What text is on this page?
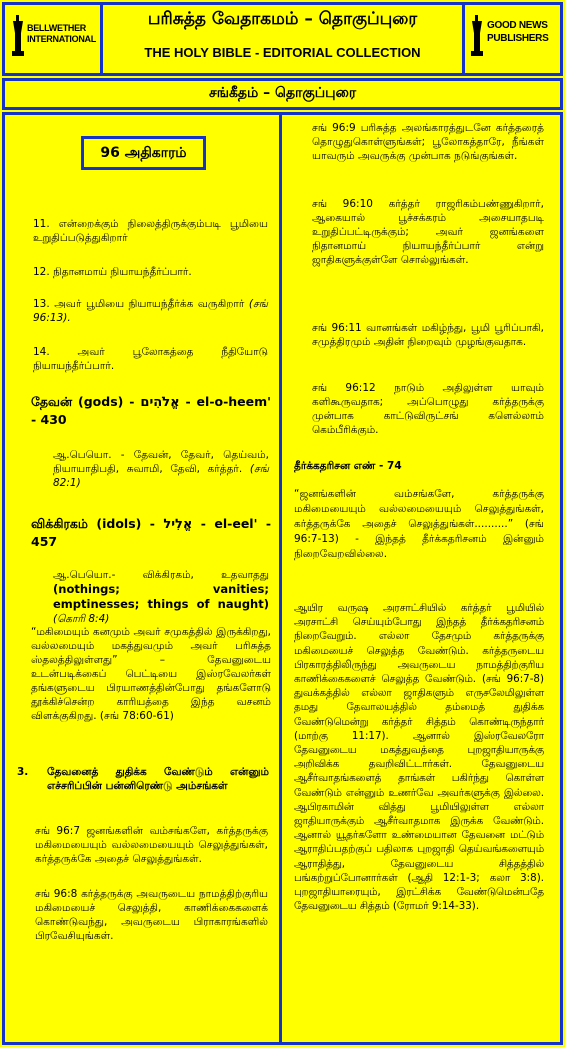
BELLWETHER INTERNATIONAL
பரிசுத்த வேதாகமம் – தொகுப்புரை
THE HOLY BIBLE - EDITORIAL COLLECTION
GOOD NEWS PUBLISHERS
சங்கீதம் – தொகுப்புரை
96 அதிகாரம்
11. என்றைக்கும் நிலைத்திருக்கும்படி பூமியை உறுதிப்படுத்துகிறார்
12. நிதானமாய் நியாயந்தீர்ப்பார்.
13. அவர் பூமியை நியாயந்தீர்க்க வருகிறார் (சங் 96:13).
14. அவர் பூலோகத்தை நீதியோடு நியாயந்தீர்ப்பார்.
தேவன் (gods) - אֱלֹהִים - el-o-heem' - 430
ஆ.பெயொ. - தேவன், தேவர், தெய்வம், நியாயாதிபதி, சுவாமி, தேவி, கர்த்தர். (சங் 82:1)
விக்கிரகம் (idols) - אֱלִיל - el-eel' - 457
ஆ.பெயொ.- விக்கிரகம், உதவாதது (nothings; vanities; emptinesses; things of naught) (கொரி 8:4)
“மகிமையும் கனமும் அவர் சமுகத்தில் இருக்கிறது, வல்லமையும் மகத்துவமும் அவர் பரிசுத்த ஸ்தலத்திலுள்ளது” – தேவனுடைய உடன்படிக்கைப் பெட்டியை இஸ்ரவேலர்கள் தங்களுடைய பிரயாணத்தின்போது தங்களோடு தூக்கிச்சென்ற காரியத்தை இந்த வசனம் விளக்குகிறது. (சங் 78:60-61)
3.	தேவனைத் துதிக்க வேண்டும் என்னும் எச்சரிப்பின் பன்னிரெண்டு அம்சங்கள்
சங் 96:7 ஜனங்களின் வம்சங்களே, கர்த்தருக்கு மகிமையையும் வல்லமையையும் செலுத்துங்கள், கர்த்தருக்கே அதைச் செலுத்துங்கள்.
சங் 96:8 கர்த்தருக்கு அவருடைய நாமத்திற்குரிய மகிமையைச் செலுத்தி, காணிக்கைகளைக் கொண்டுவந்து, அவருடைய பிராகாரங்களில் பிரவேசியுங்கள்.
சங் 96:9 பரிசுத்த அலங்காரத்துடனே கர்த்தரைத் தொழுதுகொள்ளுங்கள்; பூலோகத்தாரே, நீங்கள் யாவரும் அவருக்கு முன்பாக நடுங்குங்கள்.
சங் 96:10 கர்த்தர் ராஜரிகம்பண்ணுகிறார், ஆகையால் பூச்சக்கரம் அசையாதபடி உறுதிப்பட்டிருக்கும்; அவர் ஜனங்களை நிதானமாய் நியாயந்தீர்ப்பார் என்று ஜாதிகளுக்குள்ளே சொல்லுங்கள்.
சங் 96:11 வானங்கள் மகிழ்ந்து, பூமி பூரிப்பாகி, சமுத்திரமும் அதின் நிறைவும் முழங்குவதாக.
சங் 96:12 நாடும் அதிலுள்ள யாவும் களிகூருவதாக; அப்பொழுது கர்த்தருக்கு முன்பாக காட்டுவிருட்சங் களெல்லாம் கெம்பீரிக்கும்.
தீர்க்கதரிசன எண் - 74
“ஜனங்களின் வம்சங்களே, கர்த்தருக்கு மகிமையையும் வல்லமையையும் செலுத்துங்கள், கர்த்தருக்கே அதைச் செலுத்துங்கள்..........” (சங் 96:7-13) - இந்தத் தீர்க்கதரிசனம் இன்னும் நிறைவேறவில்லை.
ஆயிர வருஷ அரசாட்சியில் கர்த்தர் பூமியில் அரசாட்சி செய்யும்போது இந்தத் தீர்க்கதரிசனம் நிறைவேறும். எல்லா தேசமும் கர்த்தருக்கு மகிமையைச் செலுத்த வேண்டும். கர்த்தருடைய பிரகாரத்திலிருந்து அவருடைய நாமத்திற்குரிய காணிக்கைகளைச் செலுத்த வேண்டும். (சங் 96:7-8) துவக்கத்தில் எல்லா ஜாதிகளும் எருசலேமிலுள்ள தமது தேவாலயத்தில் தம்மைத் துதிக்க வேண்டுமென்று கர்த்தர் சித்தம் கொண்டிருந்தார் (மாற்கு 11:17). ஆனால் இஸ்ரவேலரோ தேவனுடைய மகத்துவத்தை புறஜாதியாருக்கு அறிவிக்க தவறிவிட்டார்கள். தேவனுடைய ஆசீர்வாதங்களைத் தாங்கள் பகிர்ந்து கொள்ள வேண்டும் என்னும் உணர்வே அவர்களுக்கு இல்லை. ஆபிரகாமின் வித்து பூமியிலுள்ள எல்லா ஜாதியாருக்கும் ஆசீர்வாதமாக இருக்க வேண்டும். ஆனால் யூதர்களோ உண்மையான தேவனை மட்டும் ஆராதிப்பதற்குப் பதிலாக புறஜாதி தெய்வங்களையும் ஆராதித்து, தேவனுடைய சித்தத்தில் பங்கற்றுப்போனார்கள் (ஆதி 12:1-3; கலா 3:8). புறஜாதியாரையும், இரட்சிக்க வேண்டுமென்பதே தேவனுடைய சித்தம் (ரோமர் 9:14-33).
